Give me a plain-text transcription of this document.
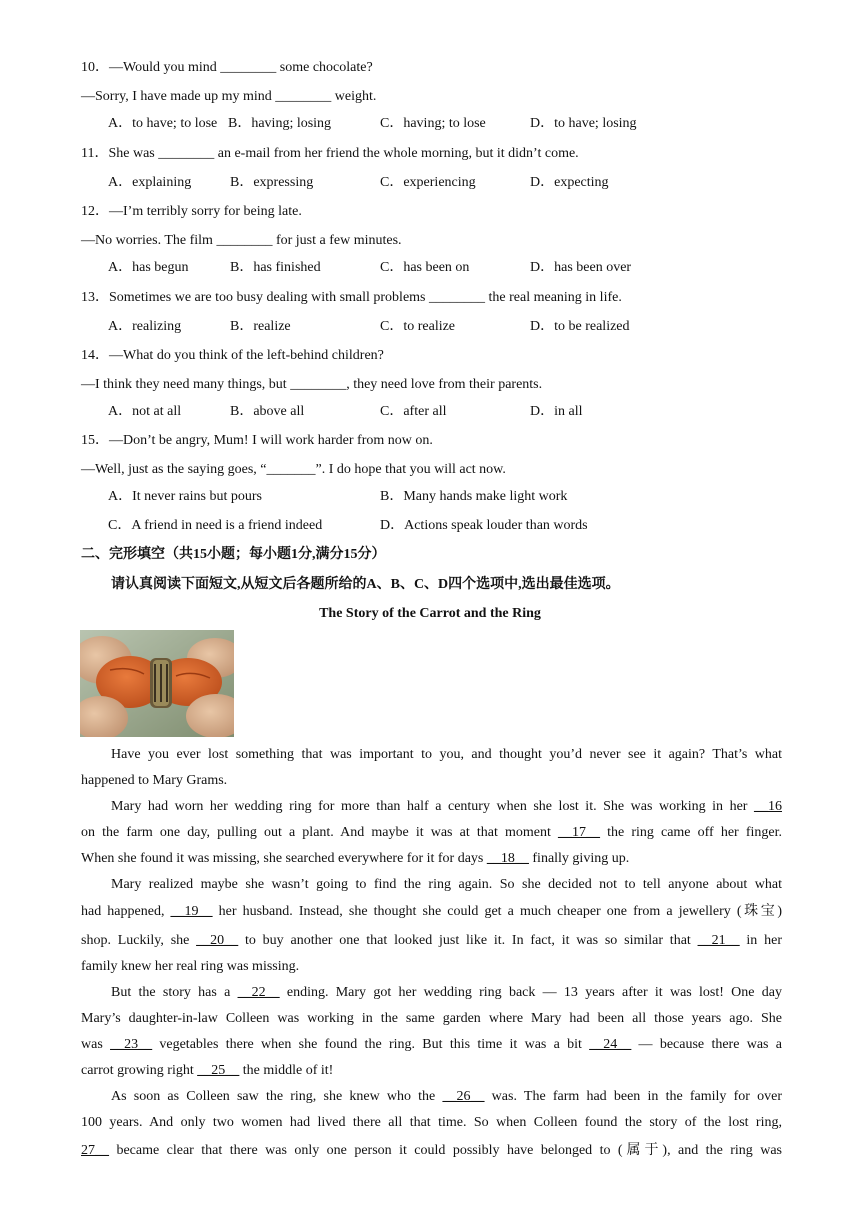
10．—Would you mind ________ some chocolate?
—Sorry, I have made up my mind ________ weight.
A．to have; to lose B．having; losing	C．having; to lose	D．to have; losing
11．She was ________ an e-mail from her friend the whole morning, but it didn’t come.
A．explaining	B．expressing	C．experiencing	D．expecting
12．—I’m terribly sorry for being late.
—No worries. The film ________ for just a few minutes.
A．has begun	B．has finished	C．has been on	D．has been over
13．Sometimes we are too busy dealing with small problems ________ the real meaning in life.
A．realizing	B．realize	C．to realize	D．to be realized
14．—What do you think of the left-behind children?
—I think they need many things, but ________, they need love from their parents.
A．not at all	B．above all	C．after all	D．in all
15．—Don’t be angry, Mum! I will work harder from now on.
—Well, just as the saying goes, “_______”. I do hope that you will act now.
A．It never rains but pours	B．Many hands make light work
C．A friend in need is a friend indeed	D．Actions speak louder than words
二、完形填空（共15小题；每小题1分,满分15分）
请认真阅读下面短文,从短文后各题所给的A、B、C、D四个选项中,选出最佳选项。
The Story of the Carrot and the Ring
Have you ever lost something that was important to you, and thought you’d never see it again? That’s what
happened to Mary Grams.
Mary had worn her wedding ring for more than half a century when she lost it. She was working in her __16
on the farm one day, pulling out a plant. And maybe it was at that moment __17__ the ring came off her finger.
When she found it was missing, she searched everywhere for it for days __18__ finally giving up.
Mary realized maybe she wasn’t going to find the ring again. So she decided not to tell anyone about what
had happened, __19__ her husband. Instead, she thought she could get a much cheaper one from a jewellery (珠宝)
shop. Luckily, she __20__ to buy another one that looked just like it. In fact, it was so similar that __21__ in her
family knew her real ring was missing.
But the story has a __22__ ending. Mary got her wedding ring back — 13 years after it was lost! One day
Mary’s daughter-in-law Colleen was working in the same garden where Mary had been all those years ago. She
was __23__ vegetables there when she found the ring. But this time it was a bit __24__ — because there was a
carrot growing right __25__ the middle of it!
As soon as Colleen saw the ring, she knew who the __26__ was. The farm had been in the family for over
100 years. And only two women had lived there all that time. So when Colleen found the story of the lost ring,
27__ became clear that there was only one person it could possibly have belonged to (属于), and the ring was
